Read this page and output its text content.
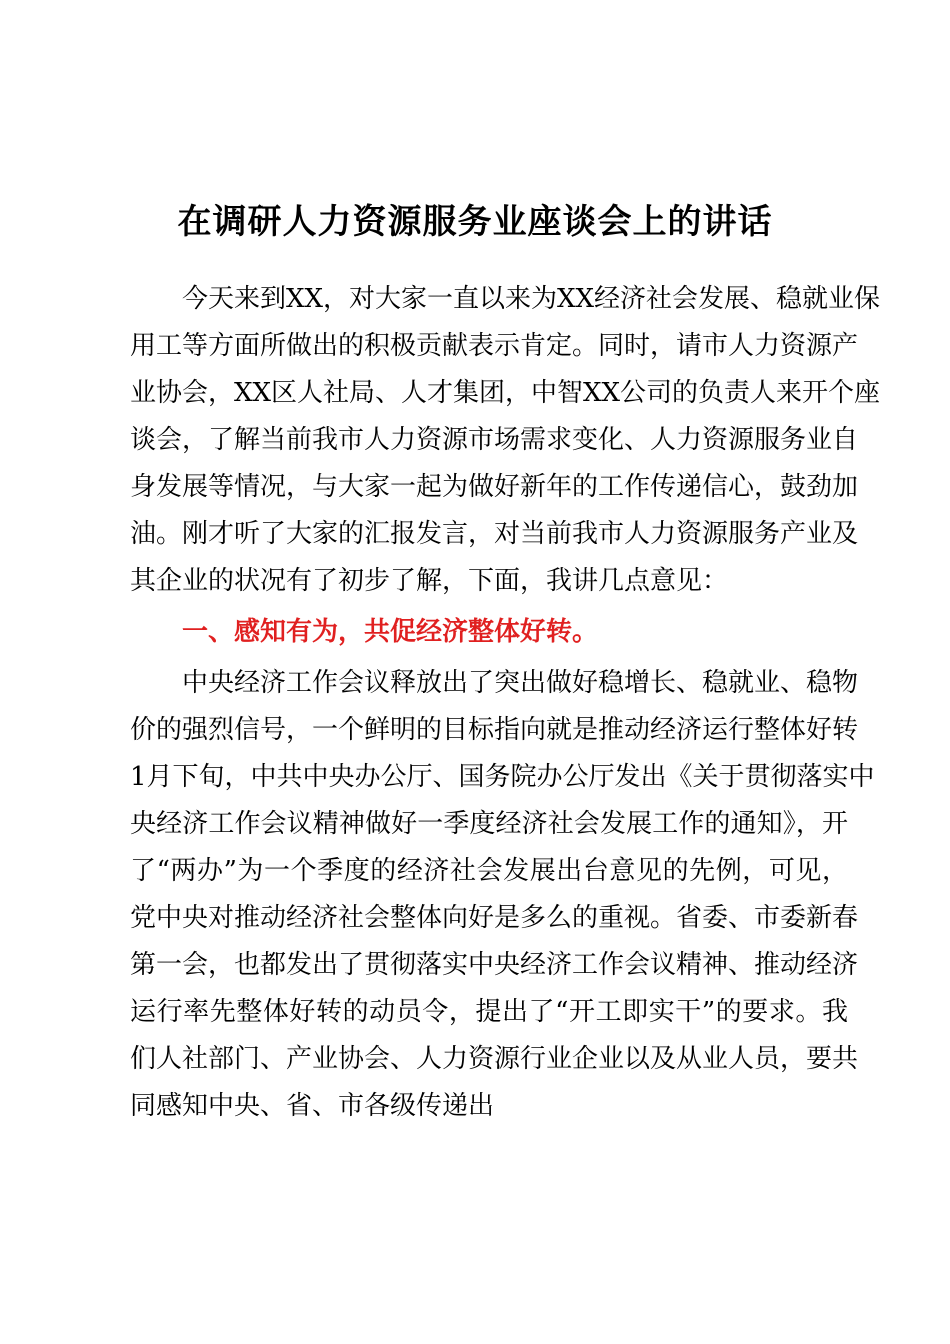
在调研人力资源服务业座谈会上的讲话
今天来到XX，对大家一直以来为XX经济社会发展、稳就业保
用工等方面所做出的积极贡献表示肯定。同时，请市人力资源产
业协会，XX区人社局、人才集团，中智XX公司的负责人来开个座
谈会，了解当前我市人力资源市场需求变化、人力资源服务业自
身发展等情况，与大家一起为做好新年的工作传递信心，鼓劲加
油。刚才听了大家的汇报发言，对当前我市人力资源服务产业及
其企业的状况有了初步了解，下面，我讲几点意见：
一、感知有为，共促经济整体好转。
中央经济工作会议释放出了突出做好稳增长、稳就业、稳物
价的强烈信号，一个鲜明的目标指向就是推动经济运行整体好转
1月下旬，中共中央办公厅、国务院办公厅发出《关于贯彻落实中
央经济工作会议精神做好一季度经济社会发展工作的通知》，开
了“两办”为一个季度的经济社会发展出台意见的先例，可见，
党中央对推动经济社会整体向好是多么的重视。省委、市委新春
第一会，也都发出了贯彻落实中央经济工作会议精神、推动经济
运行率先整体好转的动员令，提出了“开工即实干”的要求。我
们人社部门、产业协会、人力资源行业企业以及从业人员，要共
同感知中央、省、市各级传递出
